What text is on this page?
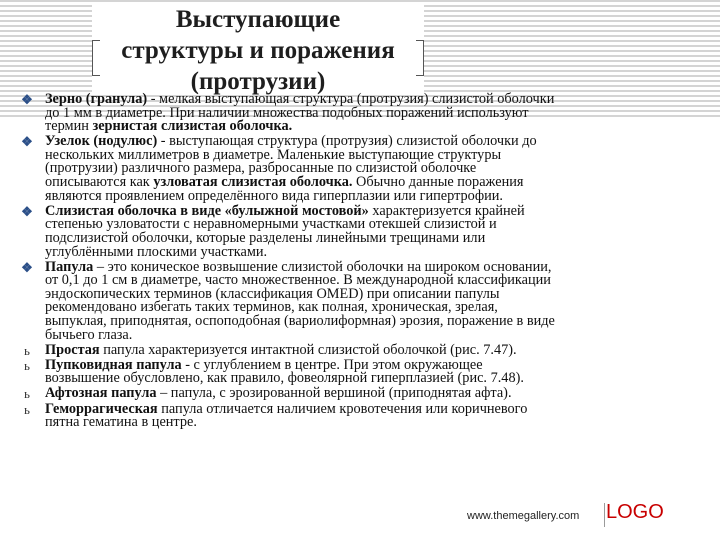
Выступающие
структуры и поражения
(протрузии)
❖ Зерно (гранула) - мелкая выступающая структура (протрузия) слизистой оболочки
до 1 мм в диаметре. При наличии множества подобных поражений используют
термин зернистая слизистая оболочка.
❖ Узелок (нодулюс) - выступающая структура (протрузия) слизистой оболочки до
нескольких миллиметров в диаметре. Маленькие выступающие структуры
(протрузии) различного размера, разбросанные по слизистой оболочке
описываются как узловатая слизистая оболочка. Обычно данные поражения
являются проявлением определённого вида гиперплазии или гипертрофии.
❖ Слизистая оболочка в виде «булыжной мостовой» характеризуется крайней
степенью узловатости с неравномерными участками отекшей слизистой и
подслизистой оболочки, которые разделены линейными трещинами или
углублёнными плоскими участками.
❖ Папула – это коническое возвышение слизистой оболочки на широком основании,
от 0,1 до 1 см в диаметре, часто множественное. В международной классификации
эндоскопических терминов (классификация OMED) при описании папулы
рекомендовано избегать таких терминов, как полная, хроническая, зрелая,
выпуклая, приподнятая, оспоподобная (вариолиформная) эрозия, поражение в виде
бычьего глаза.
ь Простая папула характеризуется интактной слизистой оболочкой (рис. 7.47).
ь Пупковидная папула - с углублением в центре. При этом окружающее
возвышение обусловлено, как правило, фовеолярной гиперплазией (рис. 7.48).
ь Афтозная папула – папула, с эрозированной вершиной (приподнятая афта).
ь Геморрагическая папула отличается наличием кровотечения или коричневого
пятна гематина в центре.
www.themegallery.com LOGO
